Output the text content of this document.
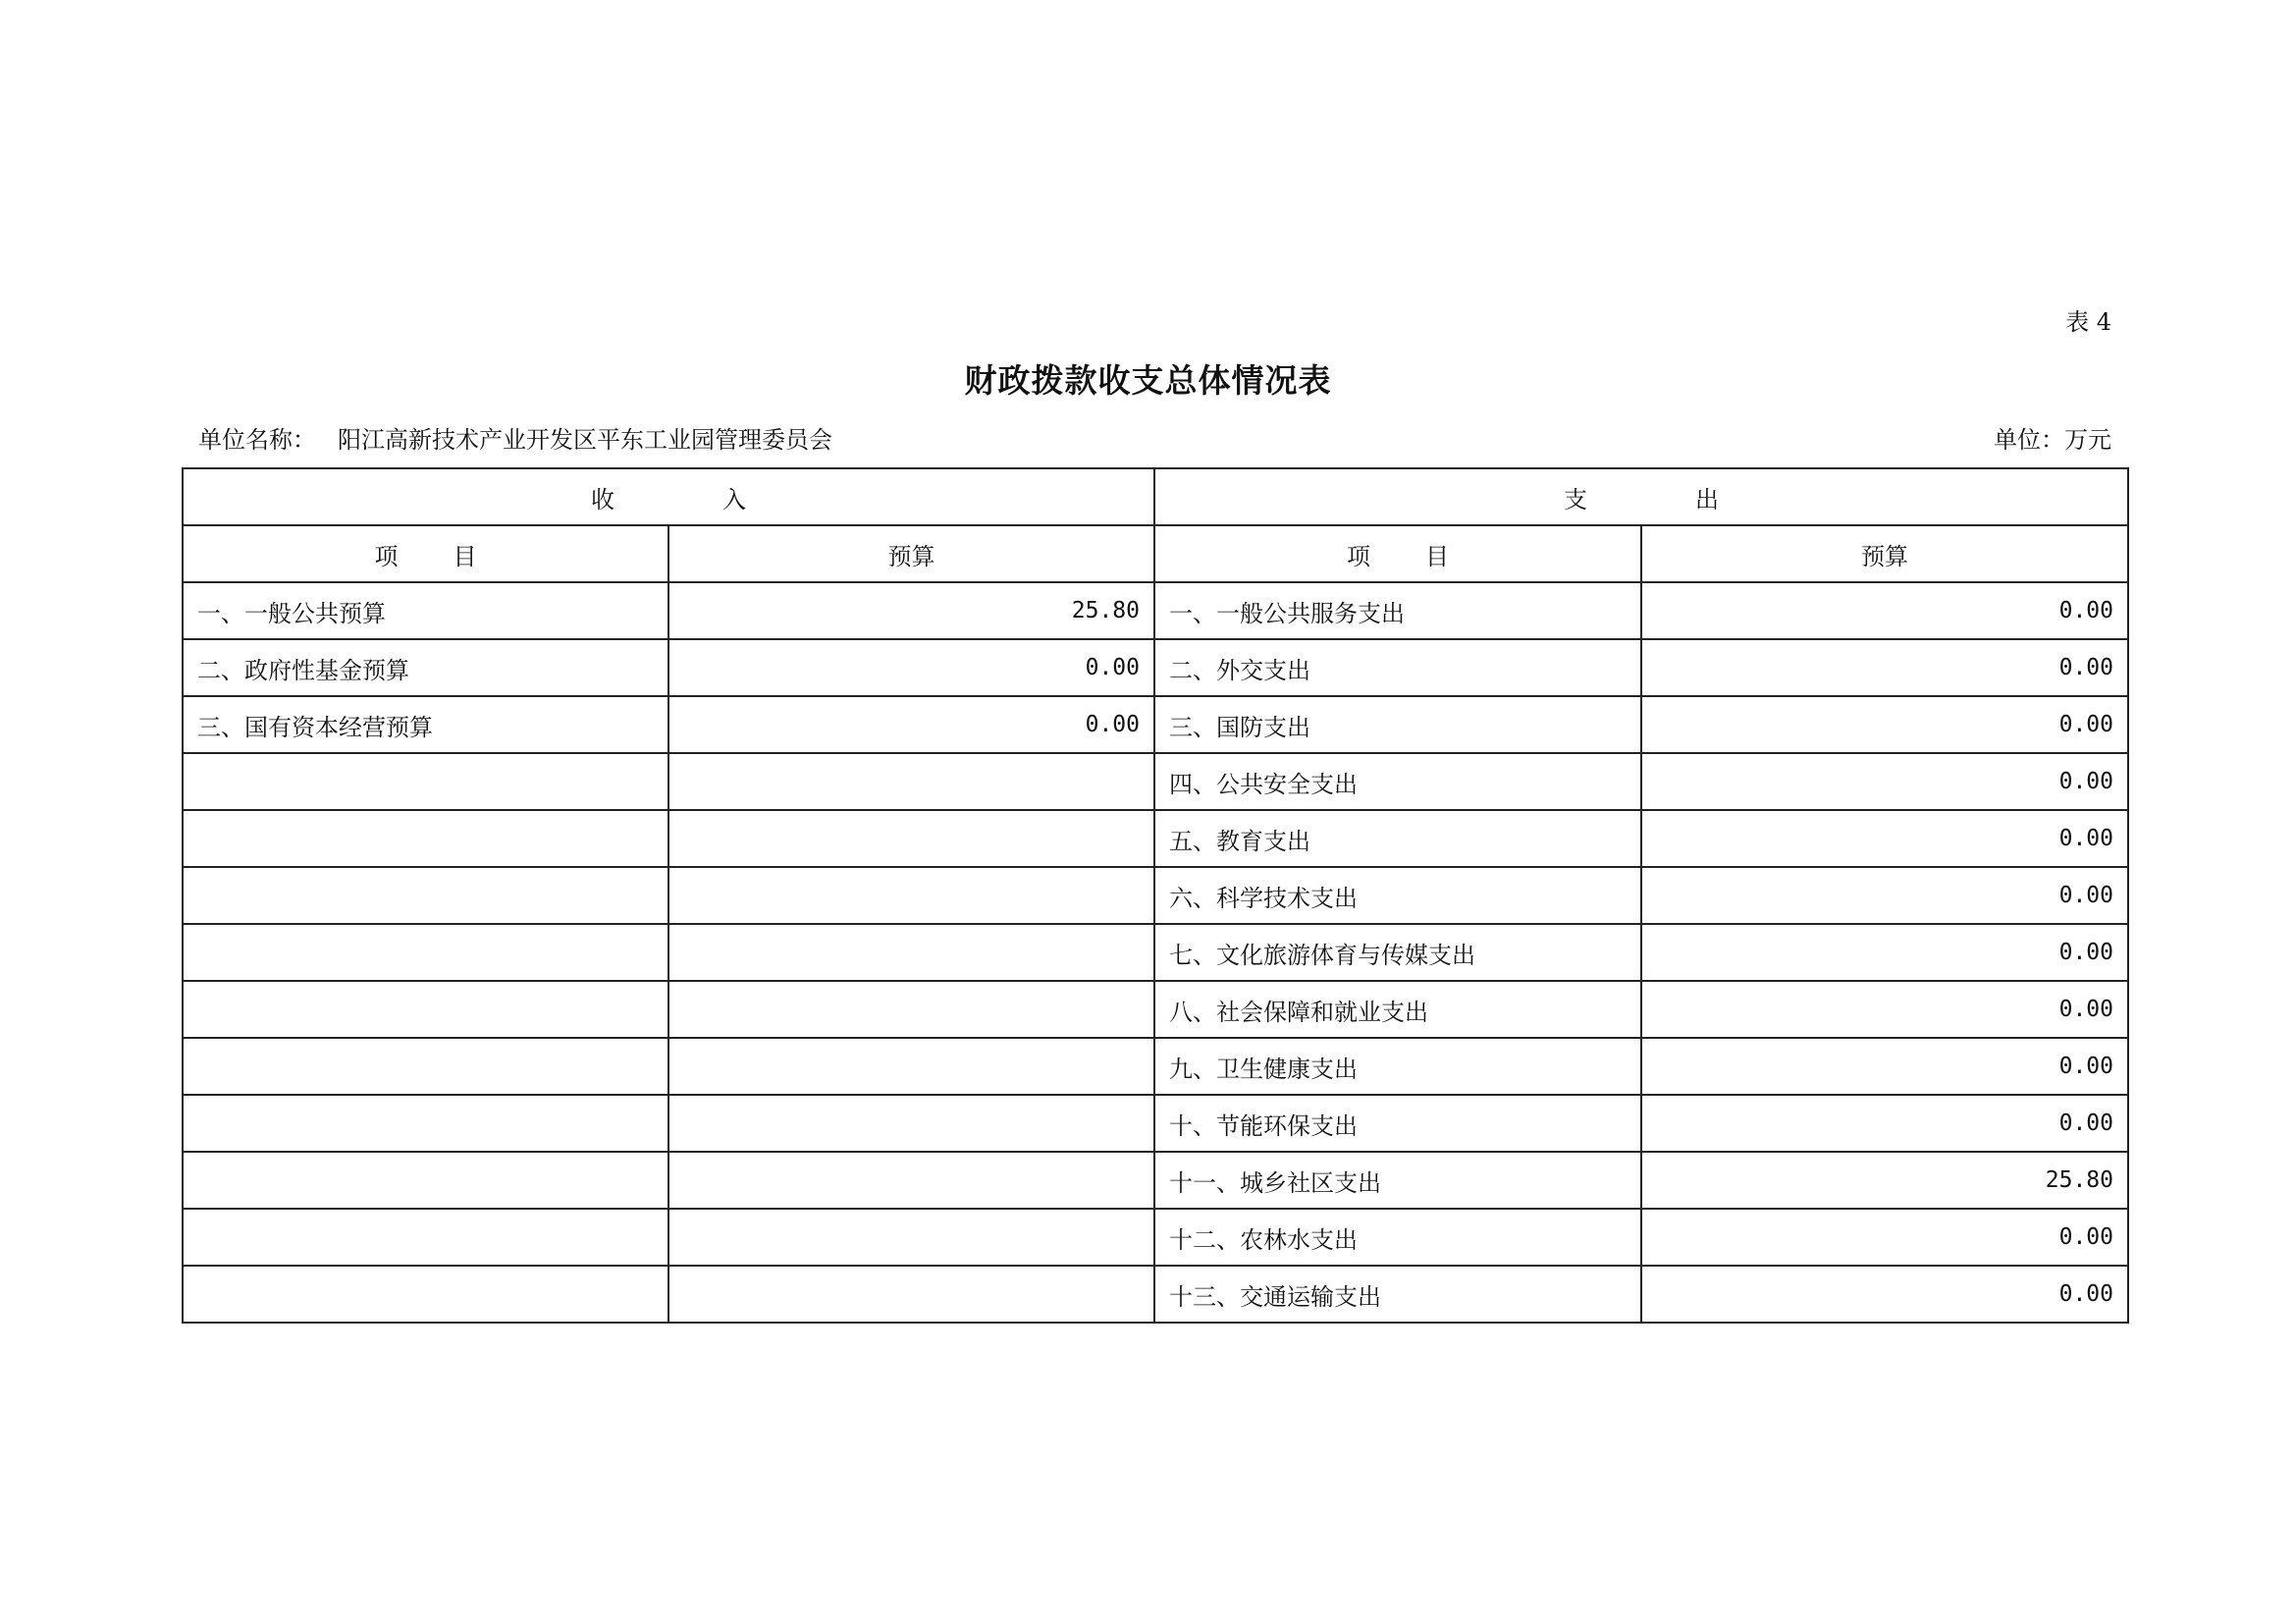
表 4
财政拨款收支总体情况表
单位名称： 阳江高新技术产业开发区平东工业园管理委员会	单位：万元
收 入		支 出	
项 目	预算	项 目	预算
一、一般公共预算	25.80	一、一般公共服务支出	0.00
二、政府性基金预算	0.00	二、外交支出	0.00
三、国有资本经营预算	0.00	三、国防支出	0.00
		四、公共安全支出	0.00
		五、教育支出	0.00
		六、科学技术支出	0.00
		七、文化旅游体育与传媒支出	0.00
		八、社会保障和就业支出	0.00
		九、卫生健康支出	0.00
		十、节能环保支出	0.00
		十一、城乡社区支出	25.80
		十二、农林水支出	0.00
		十三、交通运输支出	0.00
